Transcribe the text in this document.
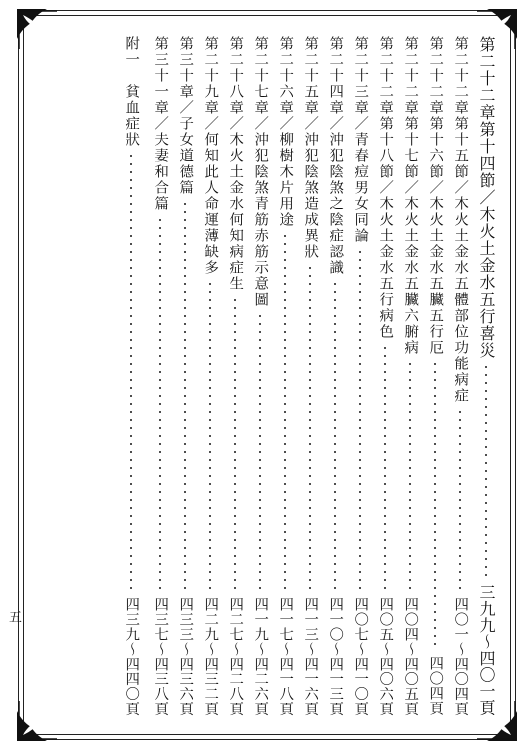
第二十二章第十四節／木火土金水五行喜災
三九九～四〇一頁
第二十二章第十五節／木火土金水五體部位功能病症
四〇一～四〇四頁
第二十二章第十六節／木火土金水五臟五行厄
四〇四頁
第二十二章第十七節／木火土金水五臟六腑病
四〇四～四〇五頁
第二十二章第十八節／木火土金水五行病色
四〇五～四〇六頁
第二十三章／青春痘男女同論
四〇七～四一〇頁
第二十四章／沖犯陰煞之陰症認識
四一〇～四一三頁
第二十五章／沖犯陰煞造成異狀
四一三～四一六頁
第二十六章／柳樹木片用途
四一七～四一八頁
第二十七章／沖犯陰煞青筋赤筋示意圖
四一九～四二六頁
第二十八章／木火土金水何知病症生
四二七～四二八頁
第二十九章／何知此人命運薄缺多
四二九～四三二頁
第三十章／子女道德篇
四三三～四三六頁
第三十一章／夫妻和合篇
四三七～四三八頁
附一　貧血症狀
四三九～四四〇頁
五
